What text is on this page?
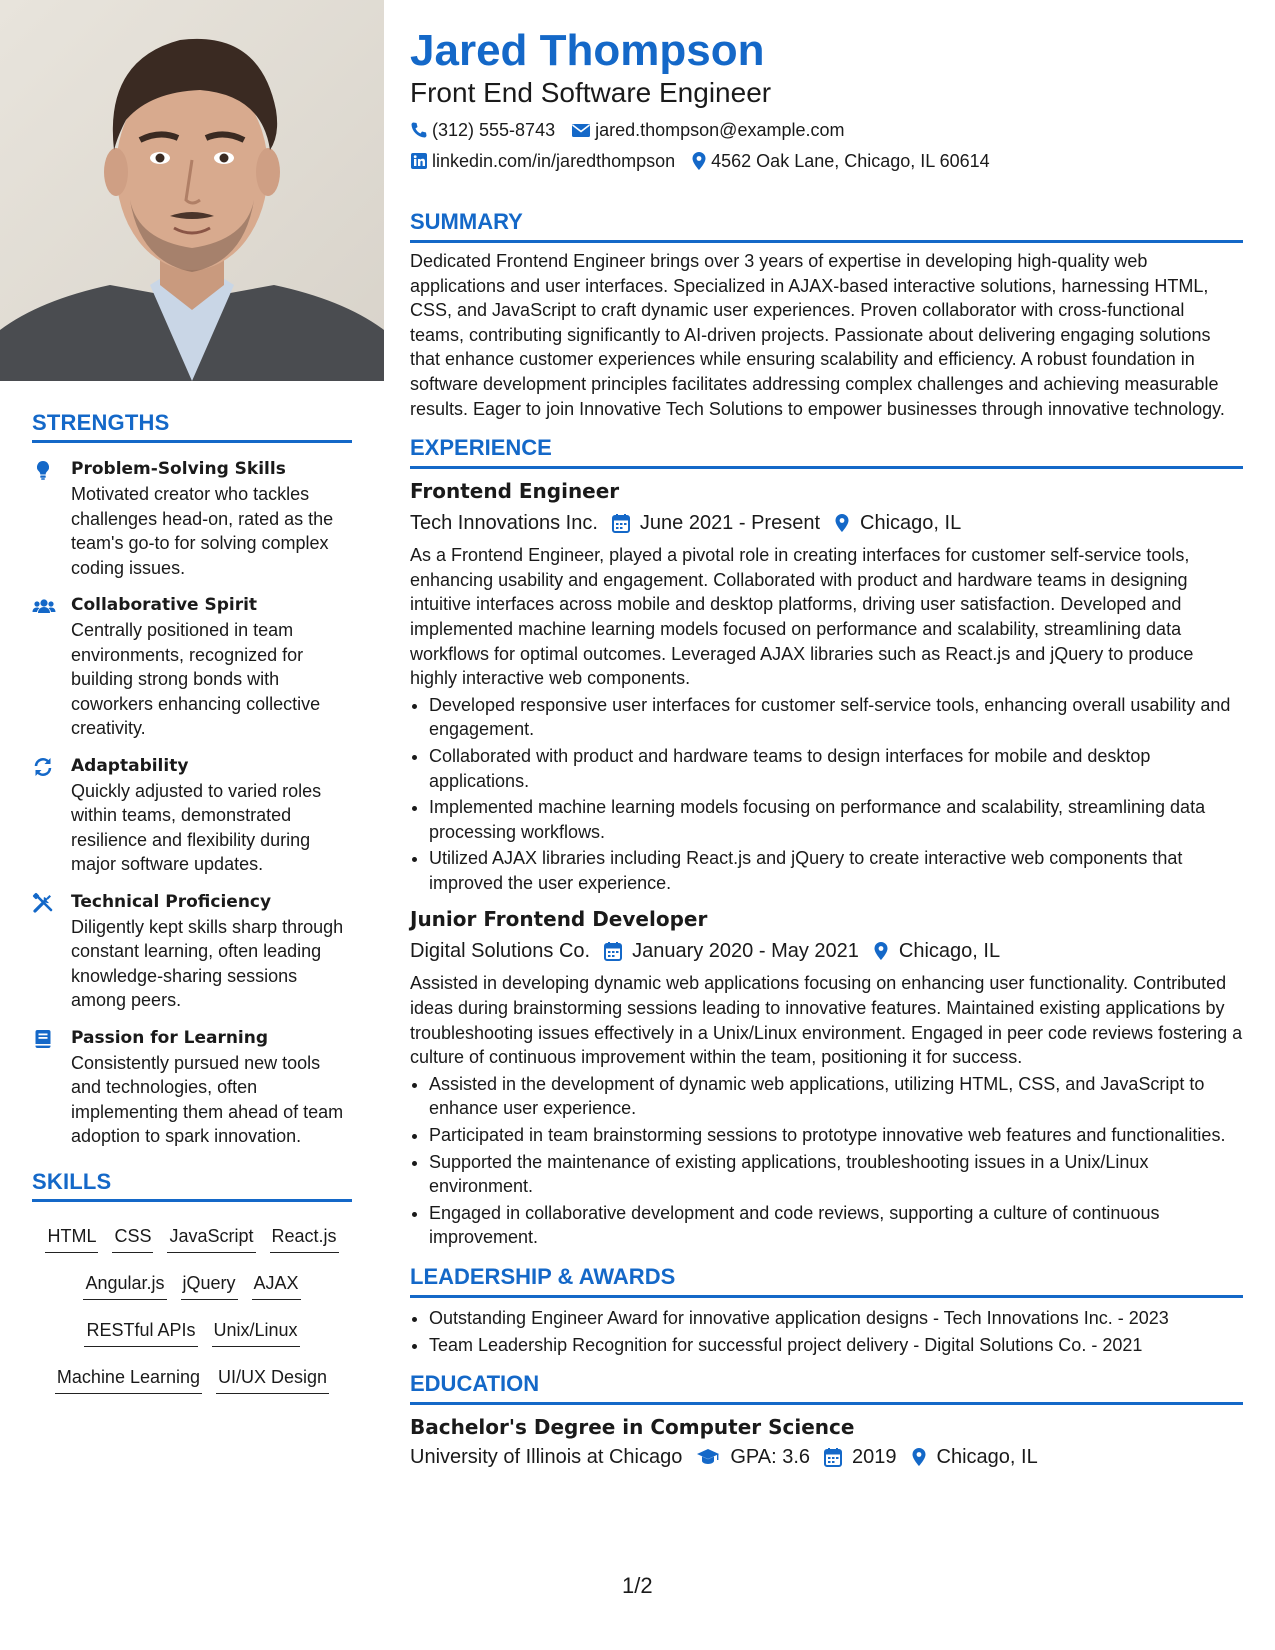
STRENGTHS
Problem-Solving Skills
Motivated creator who tackles challenges head-on, rated as the team's go-to for solving complex coding issues.
Collaborative Spirit
Centrally positioned in team environments, recognized for building strong bonds with coworkers enhancing collective creativity.
Adaptability
Quickly adjusted to varied roles within teams, demonstrated resilience and flexibility during major software updates.
Technical Proficiency
Diligently kept skills sharp through constant learning, often leading knowledge-sharing sessions among peers.
Passion for Learning
Consistently pursued new tools and technologies, often implementing them ahead of team adoption to spark innovation.
SKILLS
HTML CSS JavaScript React.js Angular.js jQuery AJAX RESTful APIs Unix/Linux Machine Learning UI/UX Design
Jared Thompson
Front End Software Engineer
(312) 555-8743 jared.thompson@example.com
linkedin.com/in/jaredthompson 4562 Oak Lane, Chicago, IL 60614
SUMMARY
Dedicated Frontend Engineer brings over 3 years of expertise in developing high-quality web applications and user interfaces. Specialized in AJAX-based interactive solutions, harnessing HTML, CSS, and JavaScript to craft dynamic user experiences. Proven collaborator with cross-functional teams, contributing significantly to AI-driven projects. Passionate about delivering engaging solutions that enhance customer experiences while ensuring scalability and efficiency. A robust foundation in software development principles facilitates addressing complex challenges and achieving measurable results. Eager to join Innovative Tech Solutions to empower businesses through innovative technology.
EXPERIENCE
Frontend Engineer
Tech Innovations Inc. June 2021 - Present Chicago, IL
As a Frontend Engineer, played a pivotal role in creating interfaces for customer self-service tools, enhancing usability and engagement. Collaborated with product and hardware teams in designing intuitive interfaces across mobile and desktop platforms, driving user satisfaction. Developed and implemented machine learning models focused on performance and scalability, streamlining data workflows for optimal outcomes. Leveraged AJAX libraries such as React.js and jQuery to produce highly interactive web components.
• Developed responsive user interfaces for customer self-service tools, enhancing overall usability and engagement.
• Collaborated with product and hardware teams to design interfaces for mobile and desktop applications.
• Implemented machine learning models focusing on performance and scalability, streamlining data processing workflows.
• Utilized AJAX libraries including React.js and jQuery to create interactive web components that improved the user experience.
Junior Frontend Developer
Digital Solutions Co. January 2020 - May 2021 Chicago, IL
Assisted in developing dynamic web applications focusing on enhancing user functionality. Contributed ideas during brainstorming sessions leading to innovative features. Maintained existing applications by troubleshooting issues effectively in a Unix/Linux environment. Engaged in peer code reviews fostering a culture of continuous improvement within the team, positioning it for success.
• Assisted in the development of dynamic web applications, utilizing HTML, CSS, and JavaScript to enhance user experience.
• Participated in team brainstorming sessions to prototype innovative web features and functionalities.
• Supported the maintenance of existing applications, troubleshooting issues in a Unix/Linux environment.
• Engaged in collaborative development and code reviews, supporting a culture of continuous improvement.
LEADERSHIP & AWARDS
• Outstanding Engineer Award for innovative application designs - Tech Innovations Inc. - 2023
• Team Leadership Recognition for successful project delivery - Digital Solutions Co. - 2021
EDUCATION
Bachelor's Degree in Computer Science
University of Illinois at Chicago GPA: 3.6 2019 Chicago, IL
1/2
